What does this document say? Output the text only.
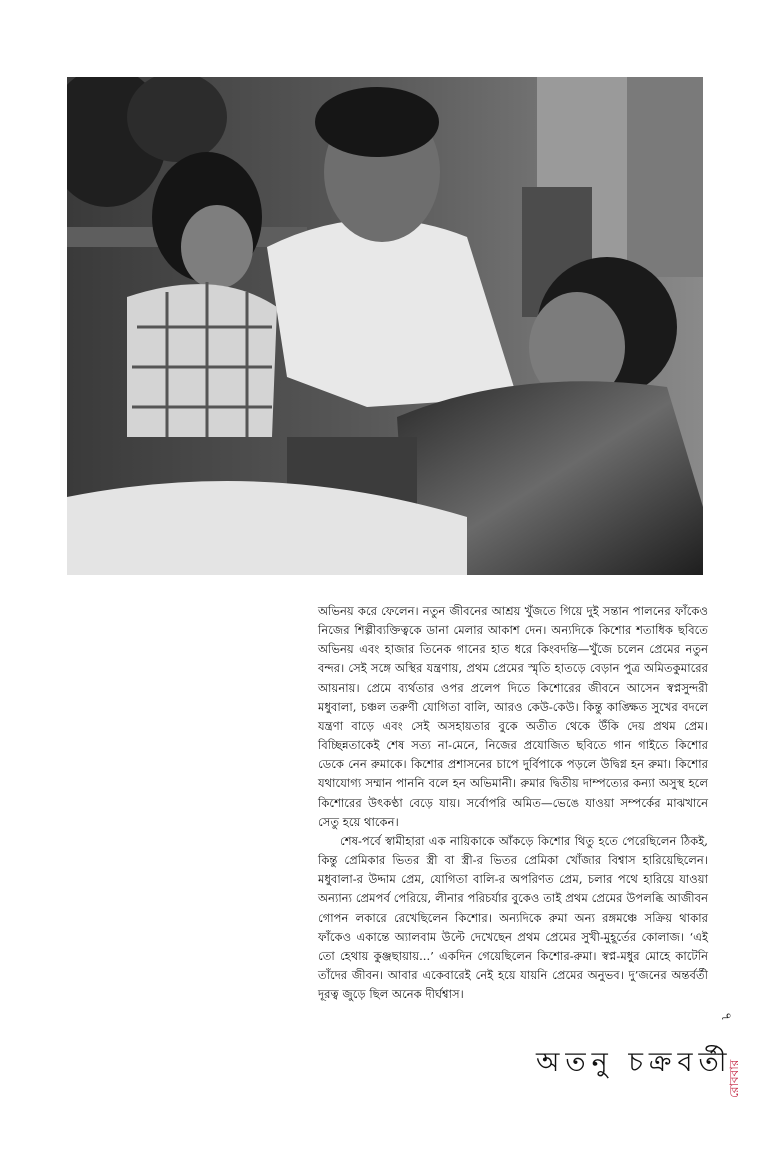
অভিনয় করে ফেলেন। নতুন জীবনের আশ্রয় খুঁজতে গিয়ে দুই সন্তান পালনের ফাঁকেও নিজের শিল্পীব্যক্তিত্বকে ডানা মেলার আকাশ দেন। অন্যদিকে কিশোর শতাধিক ছবিতে অভিনয় এবং হাজার তিনেক গানের হাত ধরে কিংবদন্তি—খুঁজে চলেন প্রেমের নতুন বন্দর। সেই সঙ্গে অস্থির যন্ত্রণায়, প্রথম প্রেমের স্মৃতি হাতড়ে বেড়ান পুত্র অমিতকুমারের আয়নায়। প্রেমে ব্যর্থতার ওপর প্রলেপ দিতে কিশোরের জীবনে আসেন স্বপ্নসুন্দরী মধুবালা, চঞ্চল তরুণী যোগিতা বালি, আরও কেউ-কেউ। কিন্তু কাঙ্ক্ষিত সুখের বদলে যন্ত্রণা বাড়ে এবং সেই অসহায়তার বুকে অতীত থেকে উঁকি দেয় প্রথম প্রেম। বিচ্ছিন্নতাকেই শেষ সত্য না-মেনে, নিজের প্রযোজিত ছবিতে গান গাইতে কিশোর ডেকে নেন রুমাকে। কিশোর প্রশাসনের চাপে দুর্বিপাকে পড়লে উদ্বিগ্ন হন রুমা। কিশোর যথাযোগ্য সম্মান পাননি বলে হন অভিমানী। রুমার দ্বিতীয় দাম্পত্যের কন্যা অসুস্থ হলে কিশোরের উৎকণ্ঠা বেড়ে যায়। সর্বোপরি অমিত—ভেঙে যাওয়া সম্পর্কের মাঝখানে সেতু হয়ে থাকেন।

শেষ-পর্বে স্বামীহারা এক নায়িকাকে আঁকড়ে কিশোর থিতু হতে পেরেছিলেন ঠিকই, কিন্তু প্রেমিকার ভিতর স্ত্রী বা স্ত্রী-র ভিতর প্রেমিকা খোঁজার বিশ্বাস হারিয়েছিলেন। মধুবালা-র উদ্দাম প্রেম, যোগিতা বালি-র অপরিণত প্রেম, চলার পথে হারিয়ে যাওয়া অন্যান্য প্রেমপর্ব পেরিয়ে, লীনার পরিচর্যার বুকেও তাই প্রথম প্রেমের উপলব্ধি আজীবন গোপন লকারে রেখেছিলেন কিশোর। অন্যদিকে রুমা অন্য রঙ্গমঞ্চে সক্রিয় থাকার ফাঁকেও একান্তে অ্যালবাম উল্টে দেখেছেন প্রথম প্রেমের সুখী-মুহূর্তের কোলাজ। ‘এই তো হেথায় কুঞ্জছায়ায়...’ একদিন গেয়েছিলেন কিশোর-রুমা। স্বপ্ন-মধুর মোহে কাটেনি তাঁদের জীবন। আবার একেবারেই নেই হয়ে যায়নি প্রেমের অনুভব। দু’জনের অন্তর্বর্তী দূরত্ব জুড়ে ছিল অনেক দীর্ঘশ্বাস।

অতনু চক্রবর্তী
রোববার
৭
